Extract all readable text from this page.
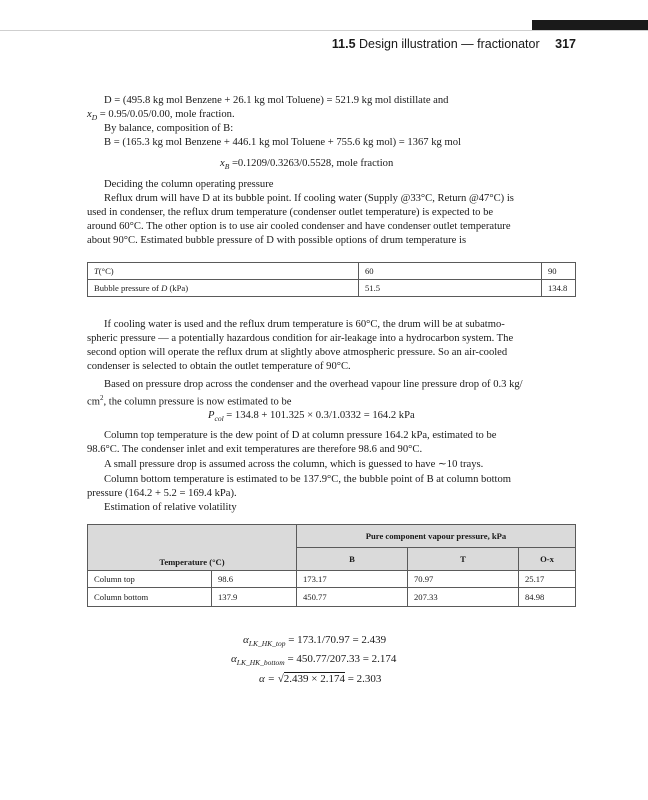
11.5 Design illustration — fractionator 317
D = (495.8 kg mol Benzene + 26.1 kg mol Toluene) = 521.9 kg mol distillate and
$x_D = 0.95/0.05/0.00$, mole fraction.
By balance, composition of B:
B = (165.3 kg mol Benzene + 446.1 kg mol Toluene + 755.6 kg mol) = 1367 kg mol
$x_B =0.1209/0.3263/0.5528$, mole fraction
Deciding the column operating pressure
Reflux drum will have D at its bubble point. If cooling water (Supply @33°C, Return @47°C) is
used in condenser, the reflux drum temperature (condenser outlet temperature) is expected to be
around 60°C. The other option is to use air cooled condenser and have condenser outlet temperature
about 90°C. Estimated bubble pressure of D with possible options of drum temperature is
T(°C)	60	90
Bubble pressure of D (kPa)	51.5	134.8
If cooling water is used and the reflux drum temperature is 60°C, the drum will be at subatmo-
spheric pressure — a potentially hazardous condition for air-leakage into a hydrocarbon system. The
second option will operate the reflux drum at slightly above atmospheric pressure. So an air-cooled
condenser is selected to obtain the outlet temperature of 90°C.
Based on pressure drop across the condenser and the overhead vapour line pressure drop of 0.3 kg/
$cm^2$, the column pressure is now estimated to be
$P_{col} = 134.8 + 101.325 \times 0.3/1.0332 = 164.2$ kPa
Column top temperature is the dew point of D at column pressure 164.2 kPa, estimated to be
98.6°C. The condenser inlet and exit temperatures are therefore 98.6 and 90°C.
A small pressure drop is assumed across the column, which is guessed to have ∼10 trays.
Column bottom temperature is estimated to be 137.9°C, the bubble point of B at column bottom
pressure (164.2 + 5.2 = 169.4 kPa).
Estimation of relative volatility
Temperature (°C)		Pure component vapour pressure, kPa		
		B	T	O-x
Column top	98.6	173.17	70.97	25.17
Column bottom	137.9	450.77	207.33	84.98
$\alpha_{LK\_HK\_top} = 173.1/70.97 = 2.439$
$\alpha_{LK\_HK\_bottom} = 450.77/207.33 = 2.174$
α = √2.439 × 2.174 = 2.303
